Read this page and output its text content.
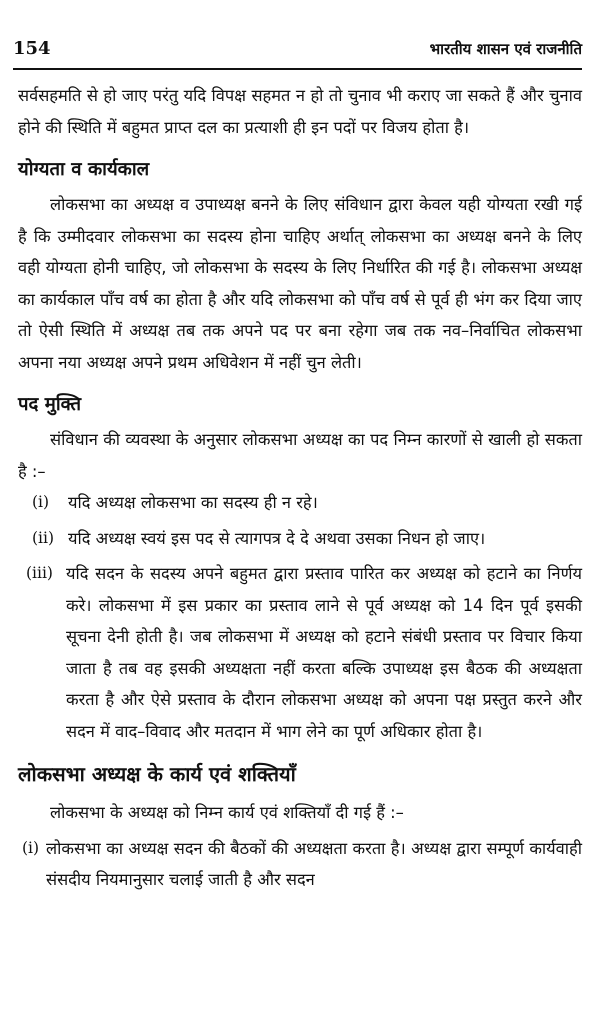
154	भारतीय शासन एवं राजनीति

सर्वसहमति से हो जाए परंतु यदि विपक्ष सहमत न हो तो चुनाव भी कराए जा सकते हैं और चुनाव होने की स्थिति में बहुमत प्राप्त दल का प्रत्याशी ही इन पदों पर विजय होता है।

योग्यता व कार्यकाल

लोकसभा का अध्यक्ष व उपाध्यक्ष बनने के लिए संविधान द्वारा केवल यही योग्यता रखी गई है कि उम्मीदवार लोकसभा का सदस्य होना चाहिए अर्थात् लोकसभा का अध्यक्ष बनने के लिए वही योग्यता होनी चाहिए, जो लोकसभा के सदस्य के लिए निर्धारित की गई है। लोकसभा अध्यक्ष का कार्यकाल पाँच वर्ष का होता है और यदि लोकसभा को पाँच वर्ष से पूर्व ही भंग कर दिया जाए तो ऐसी स्थिति में अध्यक्ष तब तक अपने पद पर बना रहेगा जब तक नव–निर्वाचित लोकसभा अपना नया अध्यक्ष अपने प्रथम अधिवेशन में नहीं चुन लेती।

पद मुक्ति

संविधान की व्यवस्था के अनुसार लोकसभा अध्यक्ष का पद निम्न कारणों से खाली हो सकता है :–

(i)	यदि अध्यक्ष लोकसभा का सदस्य ही न रहे।

(ii) यदि अध्यक्ष स्वयं इस पद से त्यागपत्र दे दे अथवा उसका निधन हो जाए।

(iii) यदि सदन के सदस्य अपने बहुमत द्वारा प्रस्ताव पारित कर अध्यक्ष को हटाने का निर्णय करे। लोकसभा में इस प्रकार का प्रस्ताव लाने से पूर्व अध्यक्ष को 14 दिन पूर्व इसकी सूचना देनी होती है। जब लोकसभा में अध्यक्ष को हटाने संबंधी प्रस्ताव पर विचार किया जाता है तब वह इसकी अध्यक्षता नहीं करता बल्कि उपाध्यक्ष इस बैठक की अध्यक्षता करता है और ऐसे प्रस्ताव के दौरान लोकसभा अध्यक्ष को अपना पक्ष प्रस्तुत करने और सदन में वाद–विवाद और मतदान में भाग लेने का पूर्ण अधिकार होता है।

लोकसभा अध्यक्ष के कार्य एवं शक्तियाँ

लोकसभा के अध्यक्ष को निम्न कार्य एवं शक्तियाँ दी गई हैं :–

(i) लोकसभा का अध्यक्ष सदन की बैठकों की अध्यक्षता करता है। अध्यक्ष द्वारा सम्पूर्ण कार्यवाही संसदीय नियमानुसार चलाई जाती है और सदन
